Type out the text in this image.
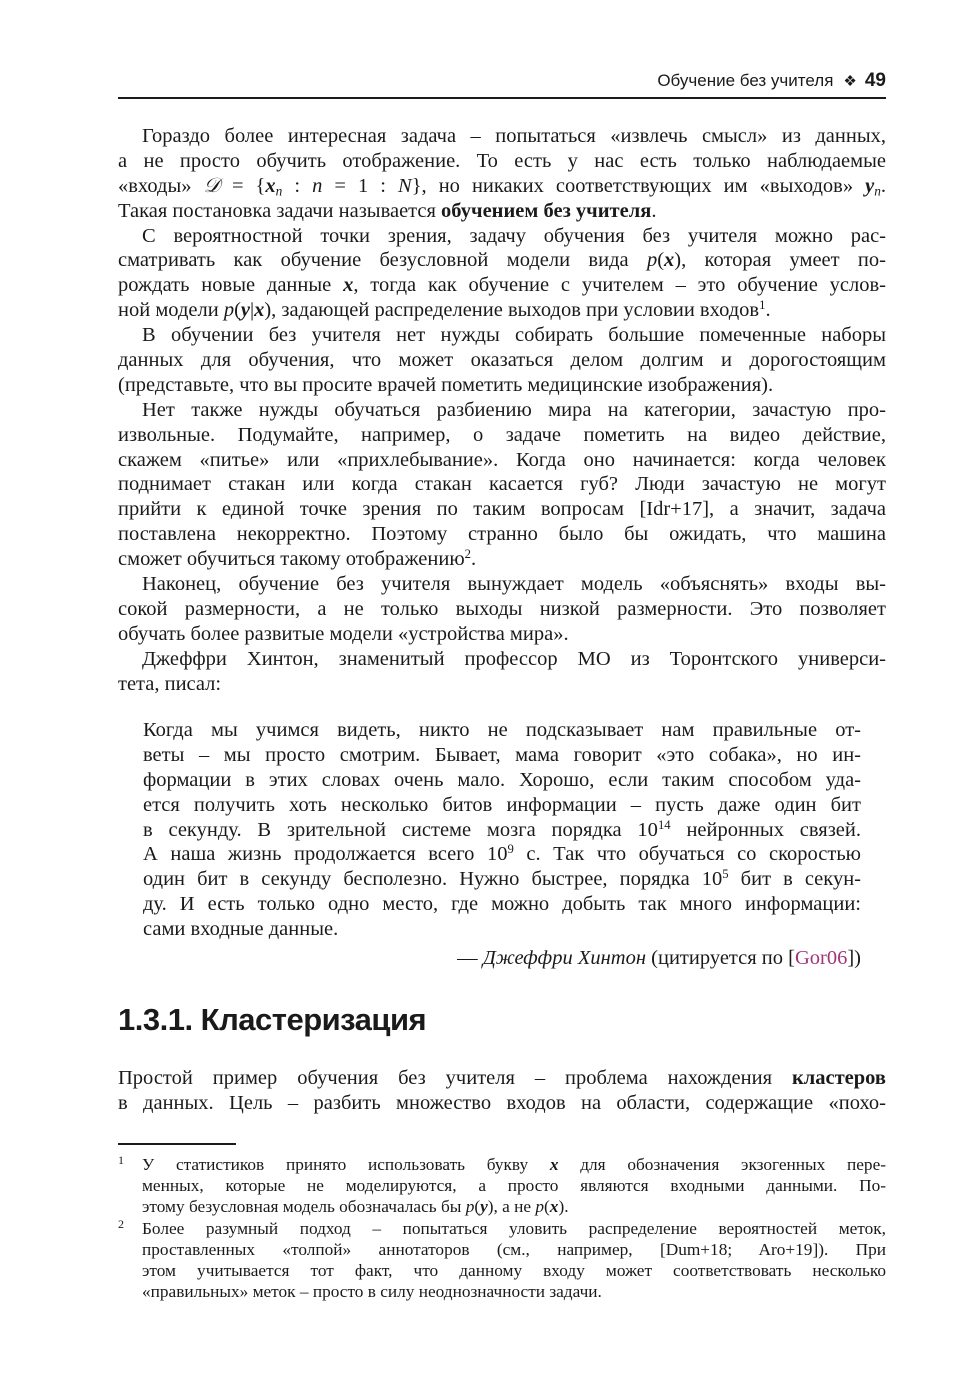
Обучение без учителя ❖ 49
Гораздо более интересная задача – попытаться «извлечь смысл» из данных,
а не просто обучить отображение. То есть у нас есть только наблюдаемые
«входы» 𝒟 = {$x_n$ : n = 1 : N}, но никаких соответствующих им «выходов» $y_n$.
Такая постановка задачи называется обучением без учителя.
С вероятностной точки зрения, задачу обучения без учителя можно рас-
сматривать как обучение безусловной модели вида p(x), которая умеет по-
рождать новые данные x, тогда как обучение с учителем – это обучение услов-
ной модели p(y|x), задающей распределение выходов при условии входов$^1$.
В обучении без учителя нет нужды собирать большие помеченные наборы
данных для обучения, что может оказаться делом долгим и дорогостоящим
(представьте, что вы просите врачей пометить медицинские изображения).
Нет также нужды обучаться разбиению мира на категории, зачастую про-
извольные. Подумайте, например, о задаче пометить на видео действие,
скажем «питье» или «прихлебывание». Когда оно начинается: когда человек
поднимает стакан или когда стакан касается губ? Люди зачастую не могут
прийти к единой точке зрения по таким вопросам [Idr+17], а значит, задача
поставлена некорректно. Поэтому странно было бы ожидать, что машина
сможет обучиться такому отображению$^2$.
Наконец, обучение без учителя вынуждает модель «объяснять» входы вы-
сокой размерности, а не только выходы низкой размерности. Это позволяет
обучать более развитые модели «устройства мира».
Джеффри Хинтон, знаменитый профессор МО из Торонтского универси-
тета, писал:
Когда мы учимся видеть, никто не подсказывает нам правильные от-
веты – мы просто смотрим. Бывает, мама говорит «это собака», но ин-
формации в этих словах очень мало. Хорошо, если таким способом уда-
ется получить хоть несколько битов информации – пусть даже один бит
в секунду. В зрительной системе мозга порядка $10^{14}$ нейронных связей.
А наша жизнь продолжается всего $10^9$ с. Так что обучаться со скоростью
один бит в секунду бесполезно. Нужно быстрее, порядка $10^5$ бит в секун-
ду. И есть только одно место, где можно добыть так много информации:
сами входные данные.
— Джеффри Хинтон (цитируется по [Gor06])
1.3.1. Кластеризация
Простой пример обучения без учителя – проблема нахождения кластеров
в данных. Цель – разбить множество входов на области, содержащие «похо-
1 У статистиков принято использовать букву x для обозначения экзогенных пере-
менных, которые не моделируются, а просто являются входными данными. По-
этому безусловная модель обозначалась бы p(y), а не p(x).
2 Более разумный подход – попытаться уловить распределение вероятностей меток,
проставленных «толпой» аннотаторов (см., например, [Dum+18; Aro+19]). При
этом учитывается тот факт, что данному входу может соответствовать несколько
«правильных» меток – просто в силу неоднозначности задачи.
